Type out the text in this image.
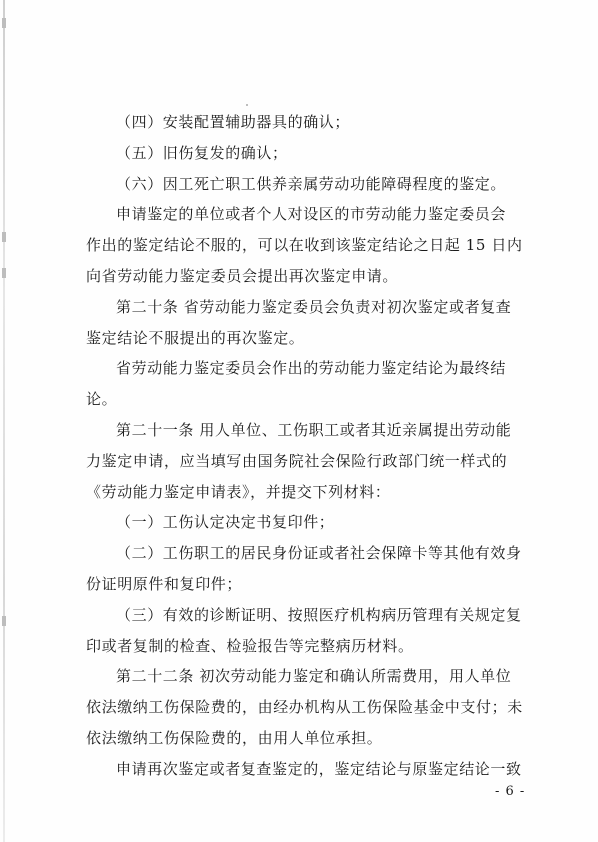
（四）安装配置辅助器具的确认；
（五）旧伤复发的确认；
（六）因工死亡职工供养亲属劳动功能障碍程度的鉴定。
申请鉴定的单位或者个人对设区的市劳动能力鉴定委员会
作出的鉴定结论不服的，可以在收到该鉴定结论之日起 15 日内
向省劳动能力鉴定委员会提出再次鉴定申请。
第二十条 省劳动能力鉴定委员会负责对初次鉴定或者复查
鉴定结论不服提出的再次鉴定。
省劳动能力鉴定委员会作出的劳动能力鉴定结论为最终结
论。
第二十一条 用人单位、工伤职工或者其近亲属提出劳动能
力鉴定申请，应当填写由国务院社会保险行政部门统一样式的
《劳动能力鉴定申请表》，并提交下列材料：
（一）工伤认定决定书复印件；
（二）工伤职工的居民身份证或者社会保障卡等其他有效身
份证明原件和复印件；
（三）有效的诊断证明、按照医疗机构病历管理有关规定复
印或者复制的检查、检验报告等完整病历材料。
第二十二条 初次劳动能力鉴定和确认所需费用，用人单位
依法缴纳工伤保险费的，由经办机构从工伤保险基金中支付；未
依法缴纳工伤保险费的，由用人单位承担。
申请再次鉴定或者复查鉴定的，鉴定结论与原鉴定结论一致
- 6 -
